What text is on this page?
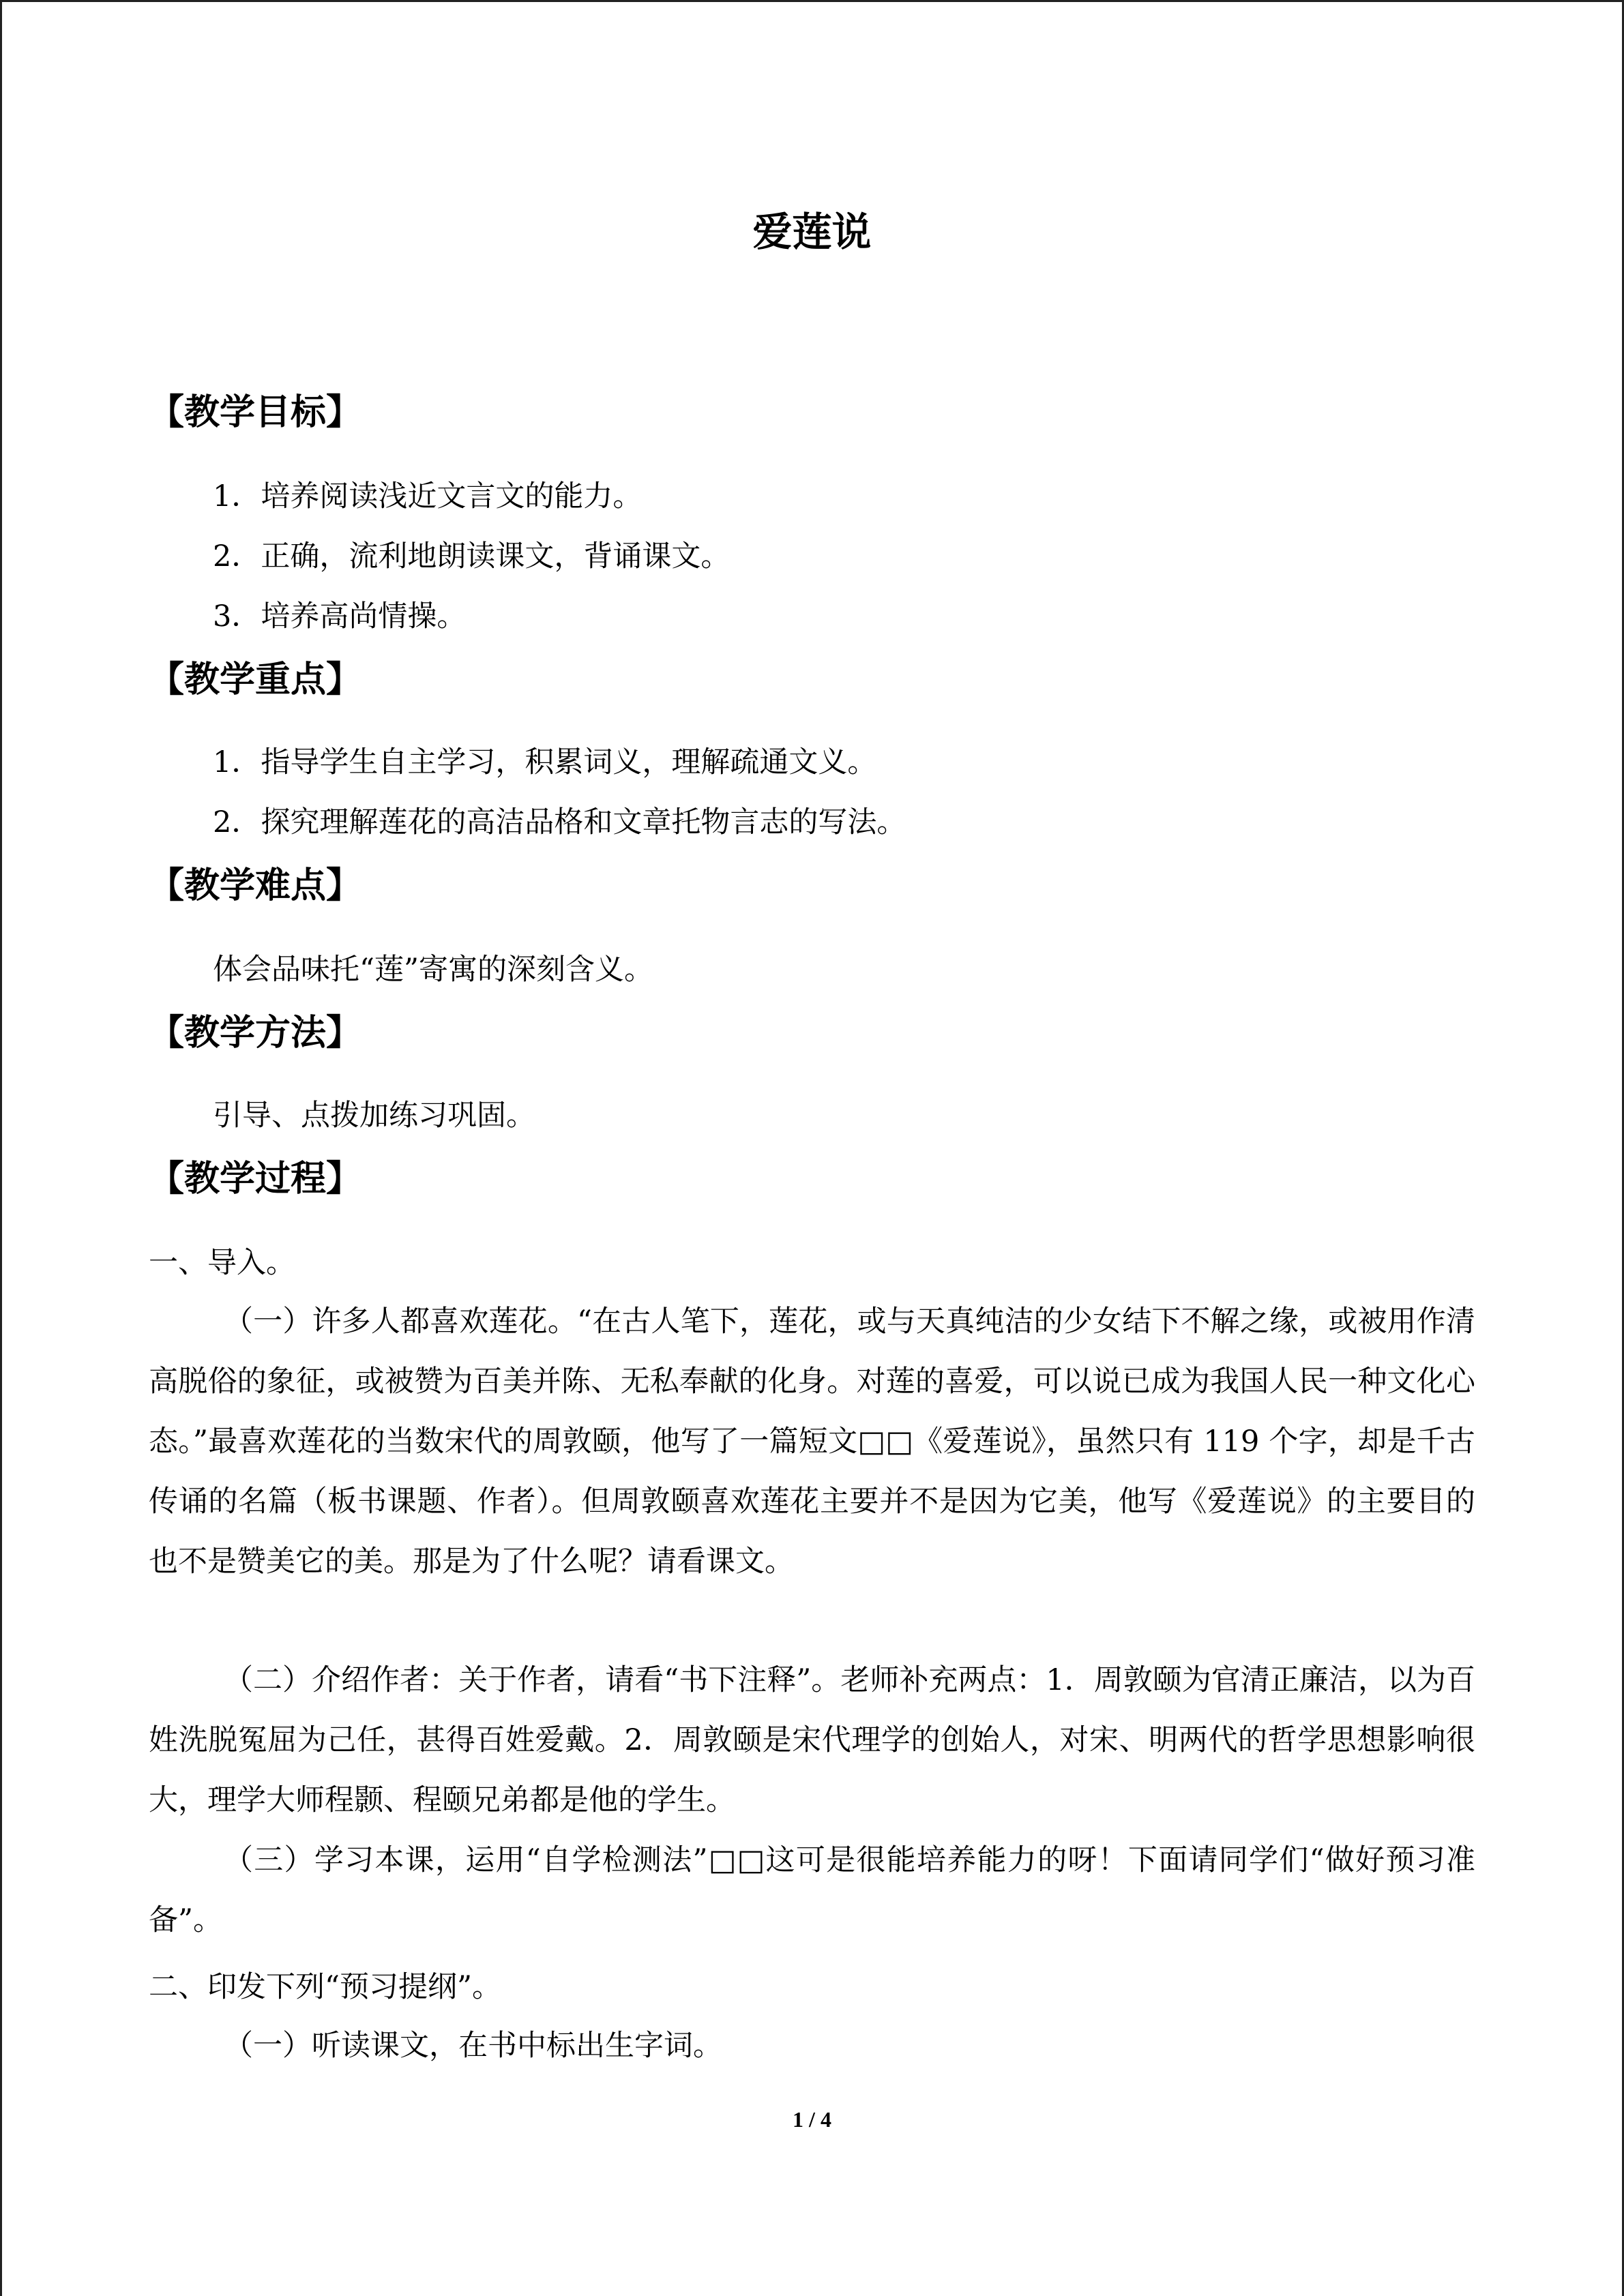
爱莲说
【教学目标】

1．培养阅读浅近文言文的能力。

2．正确，流利地朗读课文，背诵课文。

3．培养高尚情操。

【教学重点】

1．指导学生自主学习，积累词义，理解疏通文义。

2．探究理解莲花的高洁品格和文章托物言志的写法。

【教学难点】

体会品味托“莲”寄寓的深刻含义。

【教学方法】

引导、点拨加练习巩固。

【教学过程】

一、导入。

（一）许多人都喜欢莲花。“在古人笔下，莲花，或与天真纯洁的少女结下不解之缘，或被用作清高脱俗的象征，或被赞为百美并陈、无私奉献的化身。对莲的喜爱，可以说已成为我国人民一种文化心态。”最喜欢莲花的当数宋代的周敦颐，他写了一篇短文□□《爱莲说》，虽然只有 119 个字，却是千古传诵的名篇（板书课题、作者）。但周敦颐喜欢莲花主要并不是因为它美，他写《爱莲说》的主要目的也不是赞美它的美。那是为了什么呢？请看课文。

（二）介绍作者：关于作者，请看“书下注释”。老师补充两点：1．周敦颐为官清正廉洁，以为百姓洗脱冤屈为己任，甚得百姓爱戴。2．周敦颐是宋代理学的创始人，对宋、明两代的哲学思想影响很大，理学大师程颢、程颐兄弟都是他的学生。

（三）学习本课，运用“自学检测法”□□这可是很能培养能力的呀！下面请同学们“做好预习准备”。

二、印发下列“预习提纲”。

（一）听读课文，在书中标出生字词。

1 / 4
